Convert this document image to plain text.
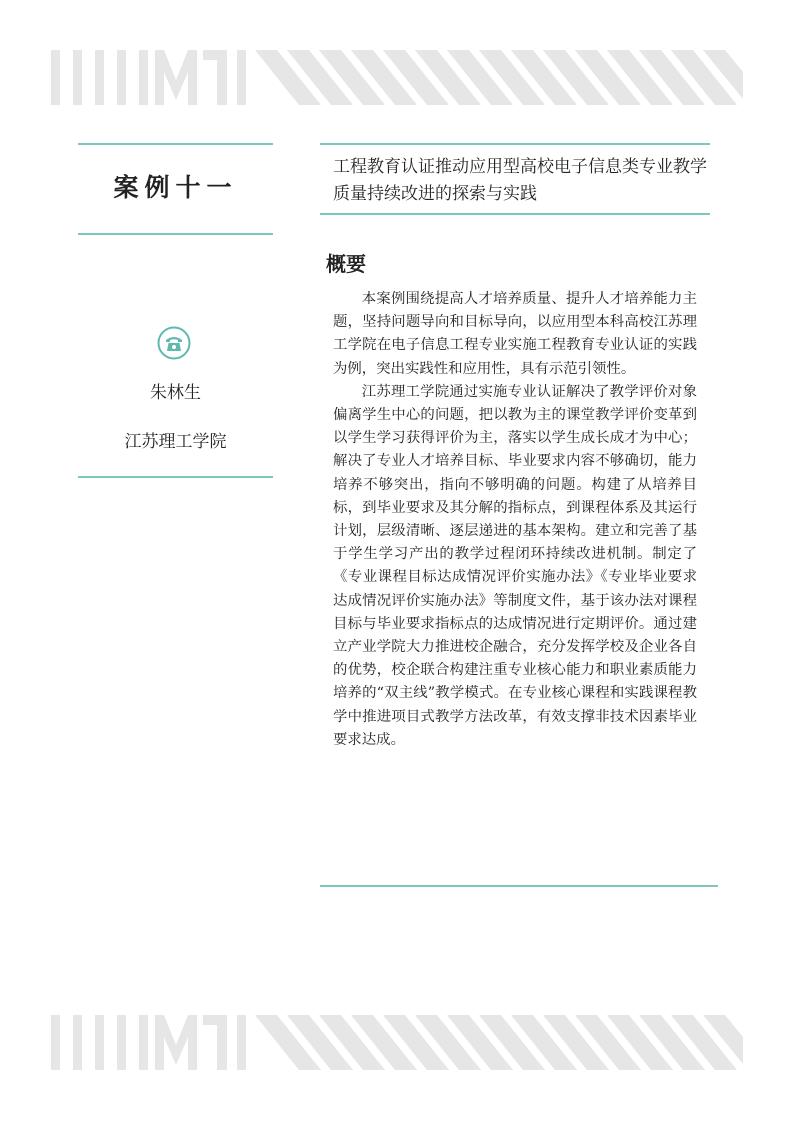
案例十一
朱林生
江苏理工学院
工程教育认证推动应用型高校电子信息类专业教学质量持续改进的探索与实践
概要

本案例围绕提高人才培养质量、提升人才培养能力主题，坚持问题导向和目标导向，以应用型本科高校江苏理工学院在电子信息工程专业实施工程教育专业认证的实践为例，突出实践性和应用性，具有示范引领性。

江苏理工学院通过实施专业认证解决了教学评价对象偏离学生中心的问题，把以教为主的课堂教学评价变革到以学生学习获得评价为主，落实以学生成长成才为中心；解决了专业人才培养目标、毕业要求内容不够确切，能力培养不够突出，指向不够明确的问题。构建了从培养目标，到毕业要求及其分解的指标点，到课程体系及其运行计划，层级清晰、逐层递进的基本架构。建立和完善了基于学生学习产出的教学过程闭环持续改进机制。制定了《专业课程目标达成情况评价实施办法》《专业毕业要求达成情况评价实施办法》等制度文件，基于该办法对课程目标与毕业要求指标点的达成情况进行定期评价。通过建立产业学院大力推进校企融合，充分发挥学校及企业各自的优势，校企联合构建注重专业核心能力和职业素质能力培养的“双主线”教学模式。在专业核心课程和实践课程教学中推进项目式教学方法改革，有效支撑非技术因素毕业要求达成。
